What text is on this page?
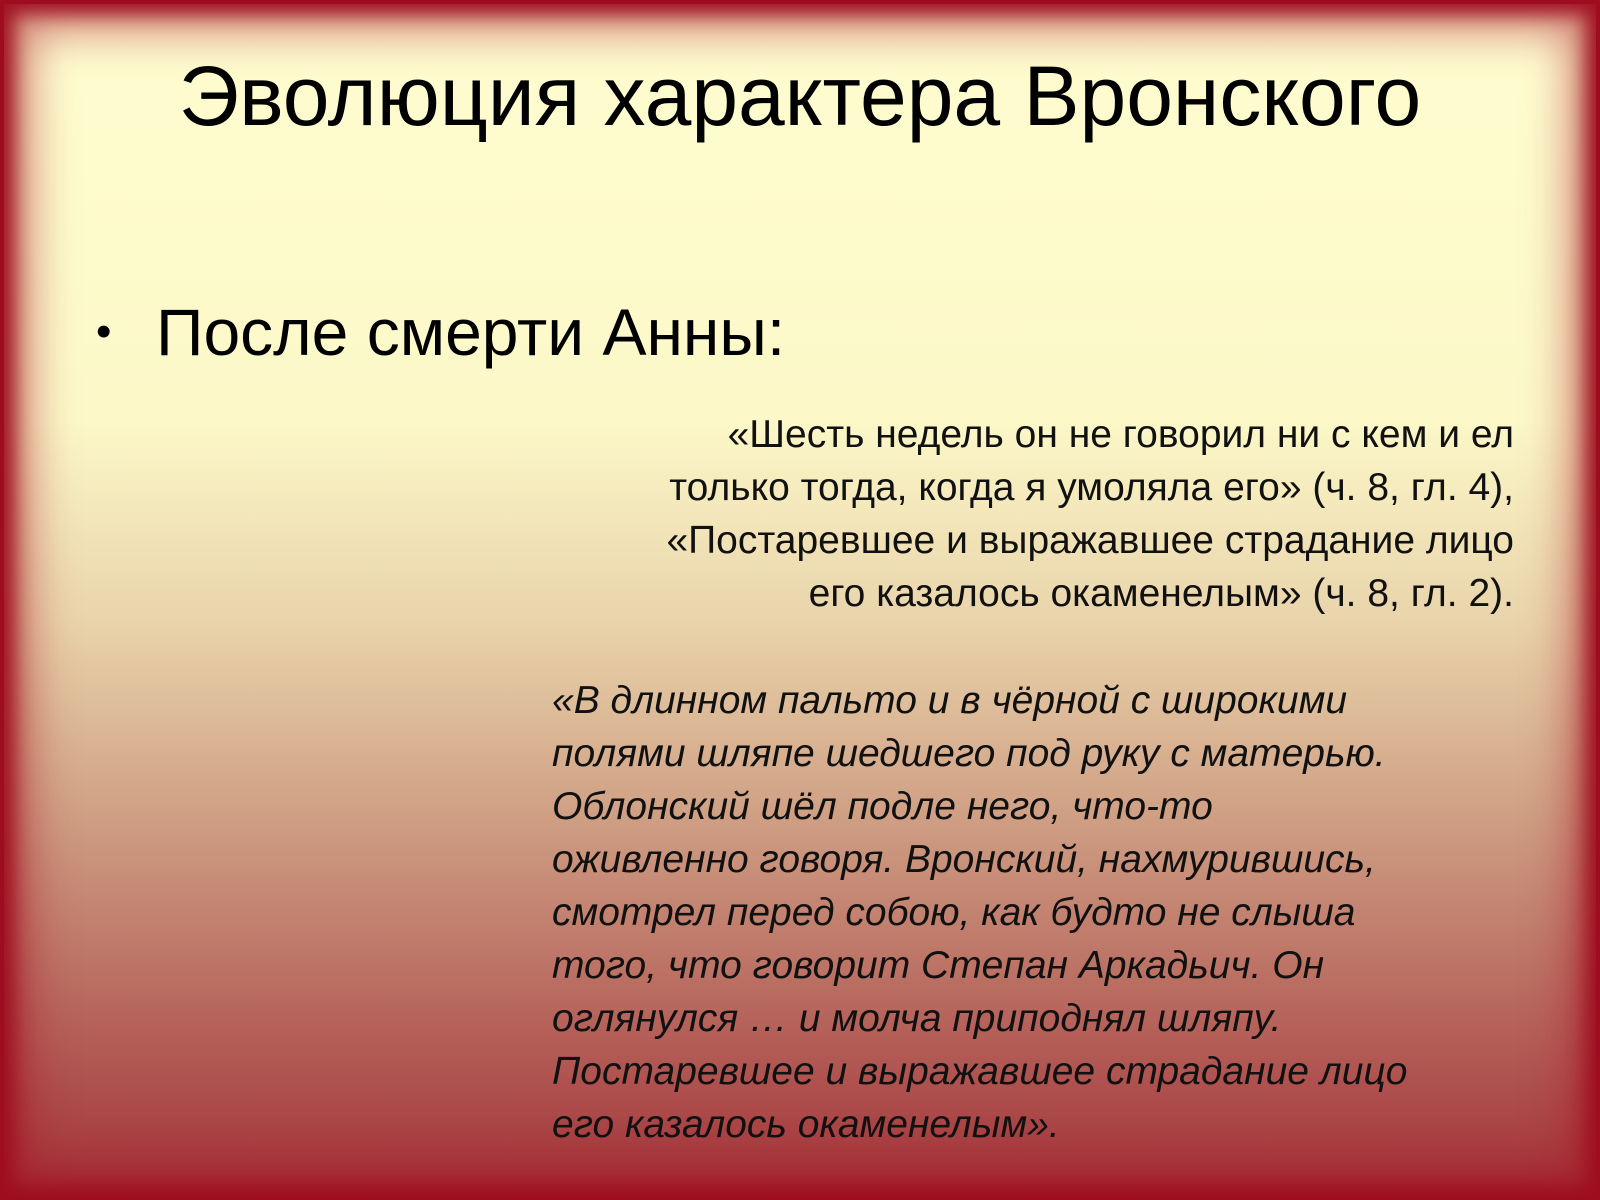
Эволюция характера Вронского
• После смерти Анны:
«Шесть недель он не говорил ни с кем и ел
только тогда, когда я умоляла его» (ч. 8, гл. 4),
«Постаревшее и выражавшее страдание лицо
его казалось окаменелым» (ч. 8, гл. 2).
«В длинном пальто и в чёрной с широкими
полями шляпе шедшего под руку с матерью.
Облонский шёл подле него, что-то
оживленно говоря. Вронский, нахмурившись,
смотрел перед собою, как будто не слыша
того, что говорит Степан Аркадьич. Он
оглянулся … и молча приподнял шляпу.
Постаревшее и выражавшее страдание лицо
его казалось окаменелым».
